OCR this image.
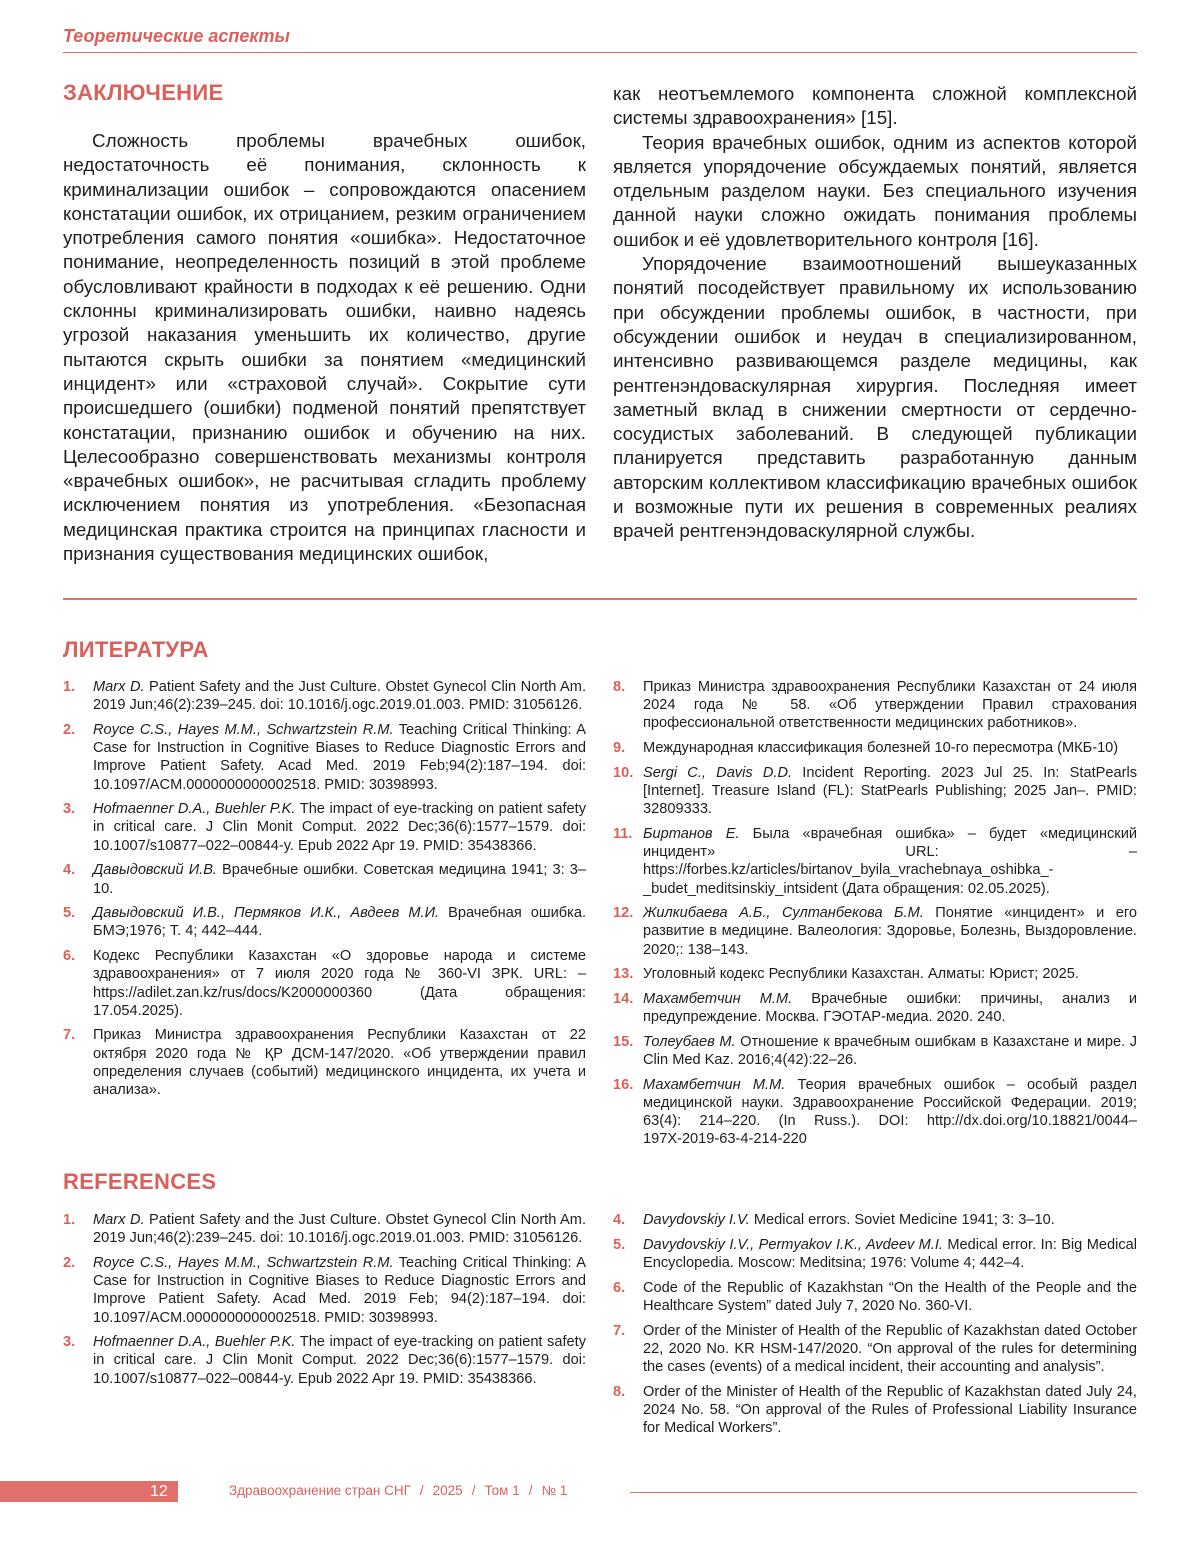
Теоретические аспекты
ЗАКЛЮЧЕНИЕ

Сложность проблемы врачебных ошибок, недостаточность её понимания, склонность к криминализации ошибок – сопровождаются опасением констатации ошибок, их отрицанием, резким ограничением употребления самого понятия «ошибка». Недостаточное понимание, неопределенность позиций в этой проблеме обусловливают крайности в подходах к её решению. Одни склонны криминализировать ошибки, наивно надеясь угрозой наказания уменьшить их количество, другие пытаются скрыть ошибки за понятием «медицинский инцидент» или «страховой случай». Сокрытие сути происшедшего (ошибки) подменой понятий препятствует констатации, признанию ошибок и обучению на них. Целесообразно совершенствовать механизмы контроля «врачебных ошибок», не расчитывая сгладить проблему исключением понятия из употребления. «Безопасная медицинская практика строится на принципах гласности и признания существования медицинских ошибок,

как неотъемлемого компонента сложной комплексной системы здравоохранения» [15].

Теория врачебных ошибок, одним из аспектов которой является упорядочение обсуждаемых понятий, является отдельным разделом науки. Без специального изучения данной науки сложно ожидать понимания проблемы ошибок и её удовлетворительного контроля [16].

Упорядочение взаимоотношений вышеуказанных понятий посодействует правильному их использованию при обсуждении проблемы ошибок, в частности, при обсуждении ошибок и неудач в специализированном, интенсивно развивающемся разделе медицины, как рентгенэндоваскулярная хирургия. Последняя имеет заметный вклад в снижении смертности от сердечно-сосудистых заболеваний. В следующей публикации планируется представить разработанную данным авторским коллективом классификацию врачебных ошибок и возможные пути их решения в современных реалиях врачей рентгенэндоваскулярной службы.

ЛИТЕРАТУРА
1. Marx D. Patient Safety and the Just Culture. Obstet Gynecol Clin North Am. 2019 Jun;46(2):239–245. doi: 10.1016/j.ogc.2019.01.003. PMID: 31056126.
2. Royce C.S., Hayes M.M., Schwartzstein R.M. Teaching Critical Thinking: A Case for Instruction in Cognitive Biases to Reduce Diagnostic Errors and Improve Patient Safety. Acad Med. 2019 Feb;94(2):187–194. doi: 10.1097/ACM.0000000000002518. PMID: 30398993.
3. Hofmaenner D.A., Buehler P.K. The impact of eye-tracking on patient safety in critical care. J Clin Monit Comput. 2022 Dec;36(6):1577–1579. doi: 10.1007/s10877–022–00844-y. Epub 2022 Apr 19. PMID: 35438366.
4. Давыдовский И.В. Врачебные ошибки. Советская медицина 1941; 3: 3–10.
5. Давыдовский И.В., Пермяков И.К., Авдеев М.И. Врачебная ошибка. БМЭ;1976; Т. 4; 442–444.
6. Кодекс Республики Казахстан «О здоровье народа и системе здравоохранения» от 7 июля 2020 года № 360-VI ЗРК. URL: – https://adilet.zan.kz/rus/docs/K2000000360 (Дата обращения: 17.054.2025).
7. Приказ Министра здравоохранения Республики Казахстан от 22 октября 2020 года № ҚР ДСМ-147/2020. «Об утверждении правил определения случаев (событий) медицинского инцидента, их учета и анализа».
8. Приказ Министра здравоохранения Республики Казахстан от 24 июля 2024 года № 58. «Об утверждении Правил страхования профессиональной ответственности медицинских работников».
9. Международная классификация болезней 10-го пересмотра (МКБ-10)
10. Sergi C., Davis D.D. Incident Reporting. 2023 Jul 25. In: StatPearls [Internet]. Treasure Island (FL): StatPearls Publishing; 2025 Jan–. PMID: 32809333.
11. Биртанов Е. Была «врачебная ошибка» – будет «медицинский инцидент» URL: – https://forbes.kz/articles/birtanov_byila_vrachebnaya_oshibka_-_budet_meditsinskiy_intsident (Дата обращения: 02.05.2025).
12. Жилкибаева А.Б., Султанбекова Б.М. Понятие «инцидент» и его развитие в медицине. Валеология: Здоровье, Болезнь, Выздоровление. 2020;: 138–143.
13. Уголовный кодекс Республики Казахстан. Алматы: Юрист; 2025.
14. Махамбетчин М.М. Врачебные ошибки: причины, анализ и предупреждение. Москва. ГЭОТАР-медиа. 2020. 240.
15. Толеубаев М. Отношение к врачебным ошибкам в Казахстане и мире. J Clin Med Kaz. 2016;4(42):22–26.
16. Махамбетчин М.М. Теория врачебных ошибок – особый раздел медицинской науки. Здравоохранение Российской Федерации. 2019; 63(4): 214–220. (In Russ.). DOI: http://dx.doi.org/10.18821/0044–197Х-2019-63-4-214-220
REFERENCES
1. Marx D. Patient Safety and the Just Culture. Obstet Gynecol Clin North Am. 2019 Jun;46(2):239–245. doi: 10.1016/j.ogc.2019.01.003. PMID: 31056126.
2. Royce C.S., Hayes M.M., Schwartzstein R.M. Teaching Critical Thinking: A Case for Instruction in Cognitive Biases to Reduce Diagnostic Errors and Improve Patient Safety. Acad Med. 2019 Feb; 94(2):187–194. doi: 10.1097/ACM.0000000000002518. PMID: 30398993.
3. Hofmaenner D.A., Buehler P.K. The impact of eye-tracking on patient safety in critical care. J Clin Monit Comput. 2022 Dec;36(6):1577–1579. doi: 10.1007/s10877–022–00844-y. Epub 2022 Apr 19. PMID: 35438366.
4. Davydovskiy I.V. Medical errors. Soviet Medicine 1941; 3: 3–10.
5. Davydovskiy I.V., Permyakov I.K., Avdeev M.I. Medical error. In: Big Medical Encyclopedia. Moscow: Meditsina; 1976: Volume 4; 442–4.
6. Code of the Republic of Kazakhstan “On the Health of the People and the Healthcare System” dated July 7, 2020 No. 360-VI.
7. Order of the Minister of Health of the Republic of Kazakhstan dated October 22, 2020 No. KR HSM-147/2020. “On approval of the rules for determining the cases (events) of a medical incident, their accounting and analysis”.
8. Order of the Minister of Health of the Republic of Kazakhstan dated July 24, 2024 No. 58. “On approval of the Rules of Professional Liability Insurance for Medical Workers”.
12	Здравоохранение стран СНГ / 2025 / Том 1 / № 1
